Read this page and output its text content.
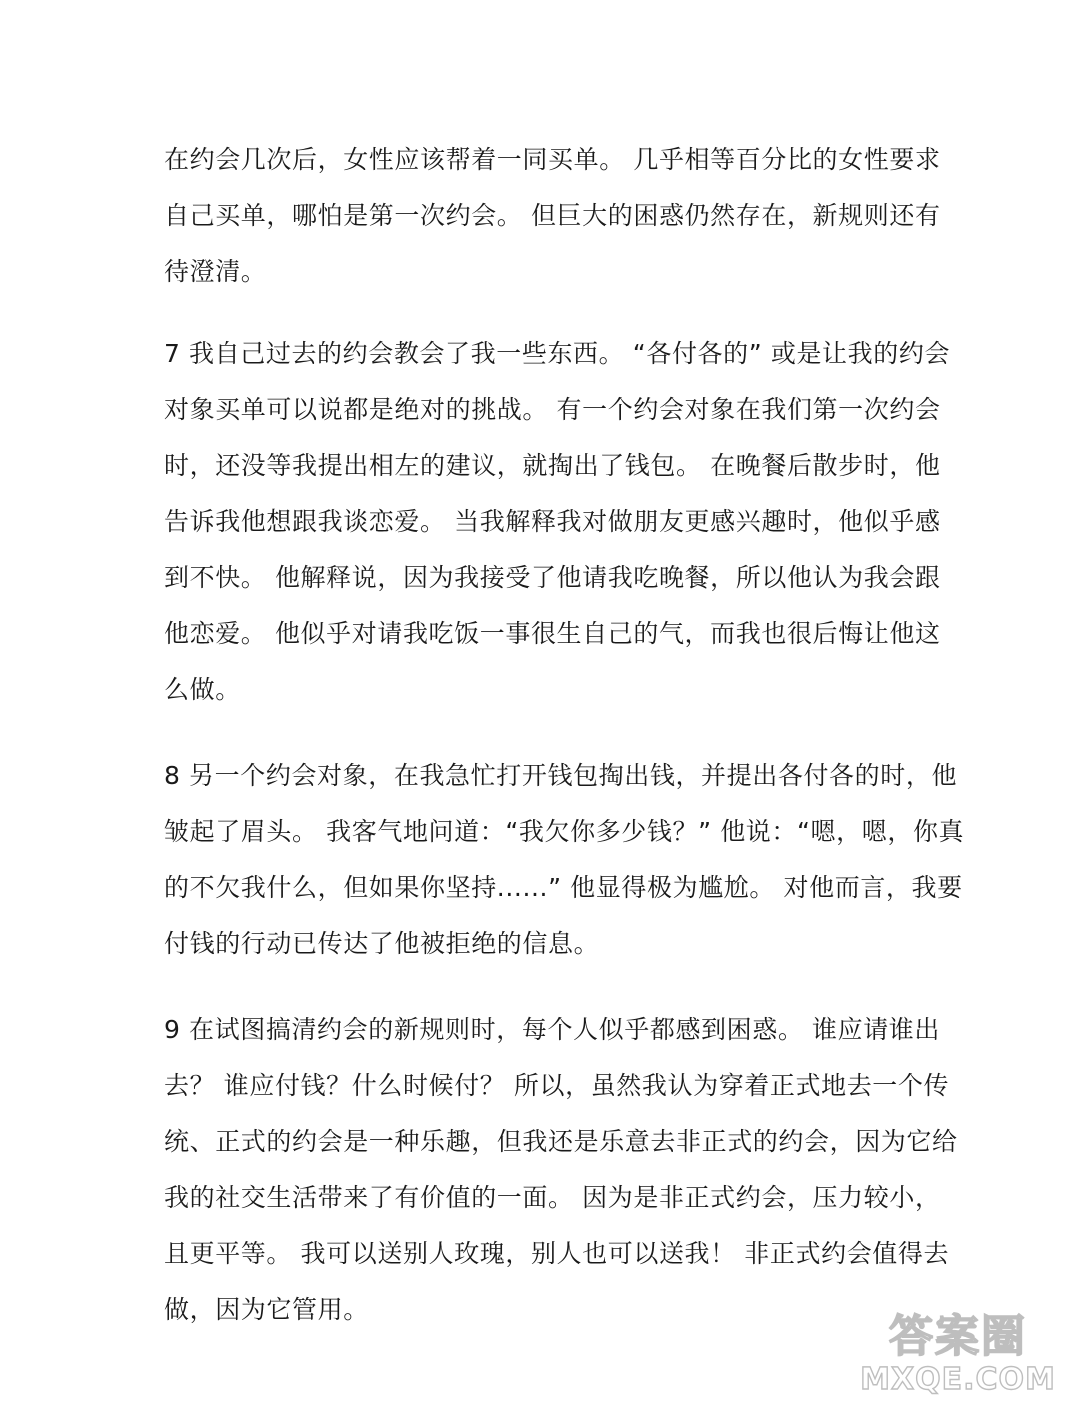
在约会几次后，女性应该帮着一同买单。 几乎相等百分比的女性要求
自己买单，哪怕是第一次约会。 但巨大的困惑仍然存在，新规则还有
待澄清。
7 我自己过去的约会教会了我一些东西。 “各付各的” 或是让我的约会
对象买单可以说都是绝对的挑战。 有一个约会对象在我们第一次约会
时，还没等我提出相左的建议，就掏出了钱包。 在晚餐后散步时，他
告诉我他想跟我谈恋爱。 当我解释我对做朋友更感兴趣时，他似乎感
到不快。 他解释说，因为我接受了他请我吃晚餐，所以他认为我会跟
他恋爱。 他似乎对请我吃饭一事很生自己的气，而我也很后悔让他这
么做。
8 另一个约会对象，在我急忙打开钱包掏出钱，并提出各付各的时，他
皱起了眉头。 我客气地问道：“我欠你多少钱？” 他说：“嗯，嗯，你真
的不欠我什么，但如果你坚持......” 他显得极为尴尬。 对他而言，我要
付钱的行动已传达了他被拒绝的信息。
9 在试图搞清约会的新规则时，每个人似乎都感到困惑。 谁应请谁出
去？ 谁应付钱？什么时候付？ 所以，虽然我认为穿着正式地去一个传
统、正式的约会是一种乐趣，但我还是乐意去非正式的约会，因为它给
我的社交生活带来了有价值的一面。 因为是非正式约会，压力较小，
且更平等。 我可以送别人玫瑰，别人也可以送我！ 非正式约会值得去
做，因为它管用。
答案圈
MXQE.COM
